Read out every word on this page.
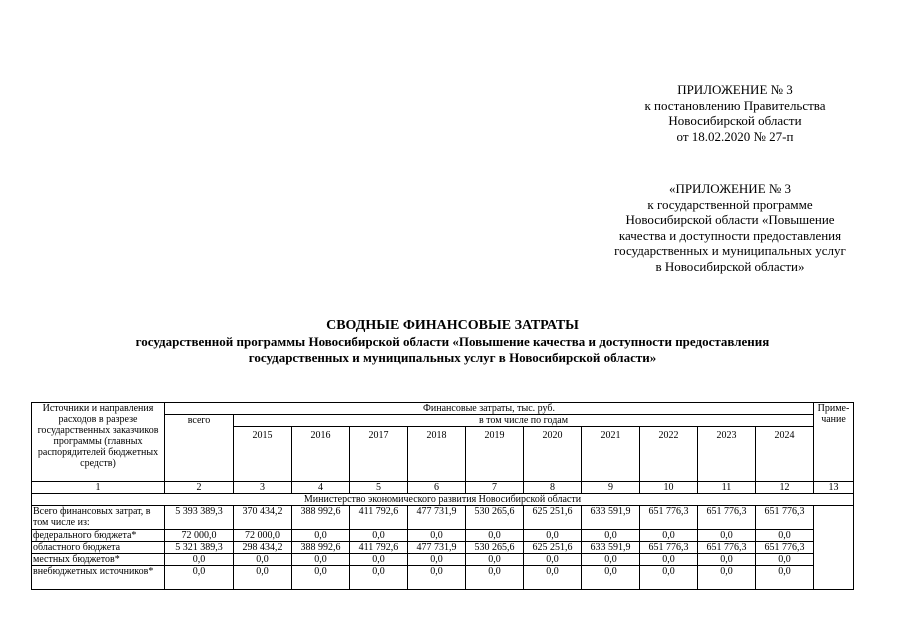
ПРИЛОЖЕНИЕ № 3
к постановлению Правительства
Новосибирской области
от 18.02.2020 № 27-п
«ПРИЛОЖЕНИЕ № 3
к государственной программе
Новосибирской области «Повышение
качества и доступности предоставления
государственных и муниципальных услуг
в Новосибирской области»
СВОДНЫЕ ФИНАНСОВЫЕ ЗАТРАТЫ
государственной программы Новосибирской области «Повышение качества и доступности предоставления
государственных и муниципальных услуг в Новосибирской области»
Источники и направления расходов в разрезе государственных заказчиков программы (главных распорядителей бюджетных средств)	Финансовые затраты, тыс. руб.											Приме-чание
	всего	в том числе по годам										
		2015	2016	2017	2018	2019	2020	2021	2022	2023	2024	
1	2	3	4	5	6	7	8	9	10	11	12	13
Министерство экономического развития Новосибирской области												
Всего финансовых затрат, в том числе из:	5 393 389,3	370 434,2	388 992,6	411 792,6	477 731,9	530 265,6	625 251,6	633 591,9	651 776,3	651 776,3	651 776,3	
федерального бюджета*	72 000,0	72 000,0	0,0	0,0	0,0	0,0	0,0	0,0	0,0	0,0	0,0	
областного бюджета	5 321 389,3	298 434,2	388 992,6	411 792,6	477 731,9	530 265,6	625 251,6	633 591,9	651 776,3	651 776,3	651 776,3	
местных бюджетов*	0,0	0,0	0,0	0,0	0,0	0,0	0,0	0,0	0,0	0,0	0,0	
внебюджетных источников*	0,0	0,0	0,0	0,0	0,0	0,0	0,0	0,0	0,0	0,0	0,0	
